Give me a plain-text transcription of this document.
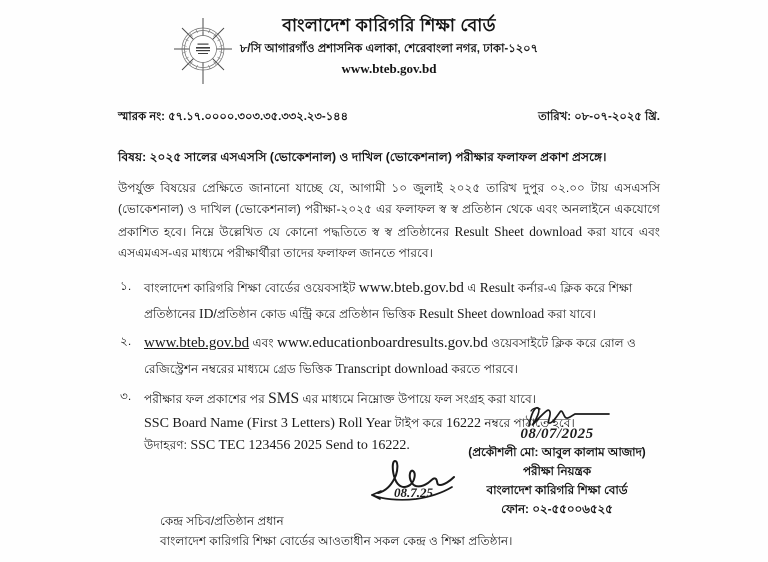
বাংলাদেশ কারিগরি শিক্ষা বোর্ড
৮/সি আগারগাঁও প্রশাসনিক এলাকা, শেরেবাংলা নগর, ঢাকা-১২০৭
www.bteb.gov.bd
স্মারক নং: ৫৭.১৭.০০০০.৩০৩.৩৫.৩৩২.২৩-১৪৪	তারিখ: ০৮-০৭-২০২৫ খ্রি.
বিষয়: ২০২৫ সালের এসএসসি (ভোকেশনাল) ও দাখিল (ভোকেশনাল) পরীক্ষার ফলাফল প্রকাশ প্রসঙ্গে।
উপর্যুক্ত বিষয়ের প্রেক্ষিতে জানানো যাচ্ছে যে, আগামী ১০ জুলাই ২০২৫ তারিখ দুপুর ০২.০০ টায় এসএসসি (ভোকেশনাল) ও দাখিল (ভোকেশনাল) পরীক্ষা-২০২৫ এর ফলাফল স্ব স্ব প্রতিষ্ঠান থেকে এবং অনলাইনে একযোগে প্রকাশিত হবে। নিম্নে উল্লেখিত যে কোনো পদ্ধতিতে স্ব স্ব প্রতিষ্ঠানের Result Sheet download করা যাবে এবং এসএমএস-এর মাধ্যমে পরীক্ষার্থীরা তাদের ফলাফল জানতে পারবে।
১.	বাংলাদেশ কারিগরি শিক্ষা বোর্ডের ওয়েবসাইট www.bteb.gov.bd এ Result কর্নার-এ ক্লিক করে শিক্ষা প্রতিষ্ঠানের ID/প্রতিষ্ঠান কোড এন্ট্রি করে প্রতিষ্ঠান ভিত্তিক Result Sheet download করা যাবে।
২. www.bteb.gov.bd এবং www.educationboardresults.gov.bd ওয়েবসাইটে ক্লিক করে রোল ও রেজিস্ট্রেশন নম্বরের মাধ্যমে গ্রেড ভিত্তিক Transcript download করতে পারবে।
৩.	পরীক্ষার ফল প্রকাশের পর SMS এর মাধ্যমে নিম্নোক্ত উপায়ে ফল সংগ্রহ করা যাবে।
SSC Board Name (First 3 Letters) Roll Year টাইপ করে 16222 নম্বরে পাঠাতে হবে।
উদাহরণ: SSC TEC 123456 2025 Send to 16222.
08/07/2025
(প্রকৌশলী মো: আবুল কালাম আজাদ)
পরীক্ষা নিয়ন্ত্রক
বাংলাদেশ কারিগরি শিক্ষা বোর্ড
ফোন: ০২-৫৫০০৬৫২৫
08.7.25
কেন্দ্র সচিব/প্রতিষ্ঠান প্রধান
বাংলাদেশ কারিগরি শিক্ষা বোর্ডের আওতাধীন সকল কেন্দ্র ও শিক্ষা প্রতিষ্ঠান।
